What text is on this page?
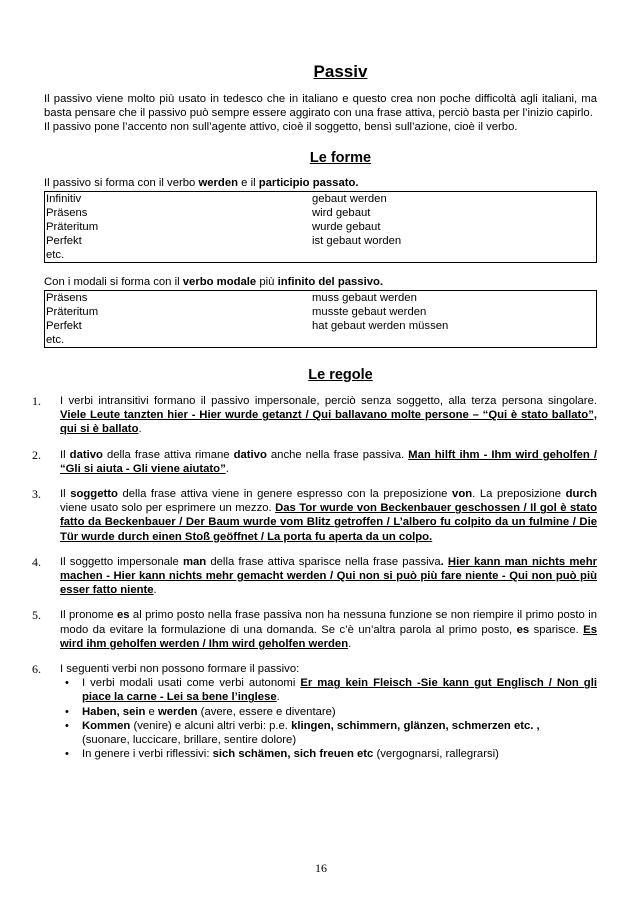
Passiv

Il passivo viene molto più usato in tedesco che in italiano e questo crea non poche difficoltà agli italiani, ma basta pensare che il passivo può sempre essere aggirato con una frase attiva, perciò basta per l’inizio capirlo.

Il passivo pone l’accento non sull’agente attivo, cioè il soggetto, bensì sull’azione, cioè il verbo.

Le forme

Il passivo si forma con il verbo werden e il participio passato.

Infinitiv	gebaut werden
Präsens	wird gebaut
Präteritum	wurde gebaut
Perfekt	ist gebaut worden
etc.

Con i modali si forma con il verbo modale più infinito del passivo.

Präsens	muss gebaut werden
Präteritum	musste gebaut werden
Perfekt	hat gebaut werden müssen
etc.
Le regole
1. I verbi intransitivi formano il passivo impersonale, perciò senza soggetto, alla terza persona singolare. Viele Leute tanzten hier - Hier wurde getanzt / Qui ballavano molte persone – “Qui è stato ballato”, qui si è ballato.
2. Il dativo della frase attiva rimane dativo anche nella frase passiva. Man hilft ihm - Ihm wird geholfen / “Gli si aiuta - Gli viene aiutato”.
3. Il soggetto della frase attiva viene in genere espresso con la preposizione von. La preposizione durch viene usato solo per esprimere un mezzo. Das Tor wurde von Beckenbauer geschossen / Il gol è stato fatto da Beckenbauer / Der Baum wurde vom Blitz getroffen / L’albero fu colpito da un fulmine / Die Tür wurde durch einen Stoß geöffnet / La porta fu aperta da un colpo.
4. Il soggetto impersonale man della frase attiva sparisce nella frase passiva. Hier kann man nichts mehr machen - Hier kann nichts mehr gemacht werden / Qui non si può più fare niente - Qui non può più esser fatto niente.
5. Il pronome es al primo posto nella frase passiva non ha nessuna funzione se non riempire il primo posto in modo da evitare la formulazione di una domanda. Se c’è un’altra parola al primo posto, es sparisce. Es wird ihm geholfen werden / Ihm wird geholfen werden.
6. I seguenti verbi non possono formare il passivo:
• I verbi modali usati come verbi autonomi Er mag kein Fleisch -Sie kann gut Englisch / Non gli piace la carne - Lei sa bene l’inglese.
• Haben, sein e werden (avere, essere e diventare)
• Kommen (venire) e alcuni altri verbi: p.e. klingen, schimmern, glänzen, schmerzen etc. ,
(suonare, luccicare, brillare, sentire dolore)
• In genere i verbi riflessivi: sich schämen, sich freuen etc (vergognarsi, rallegrarsi)
16
